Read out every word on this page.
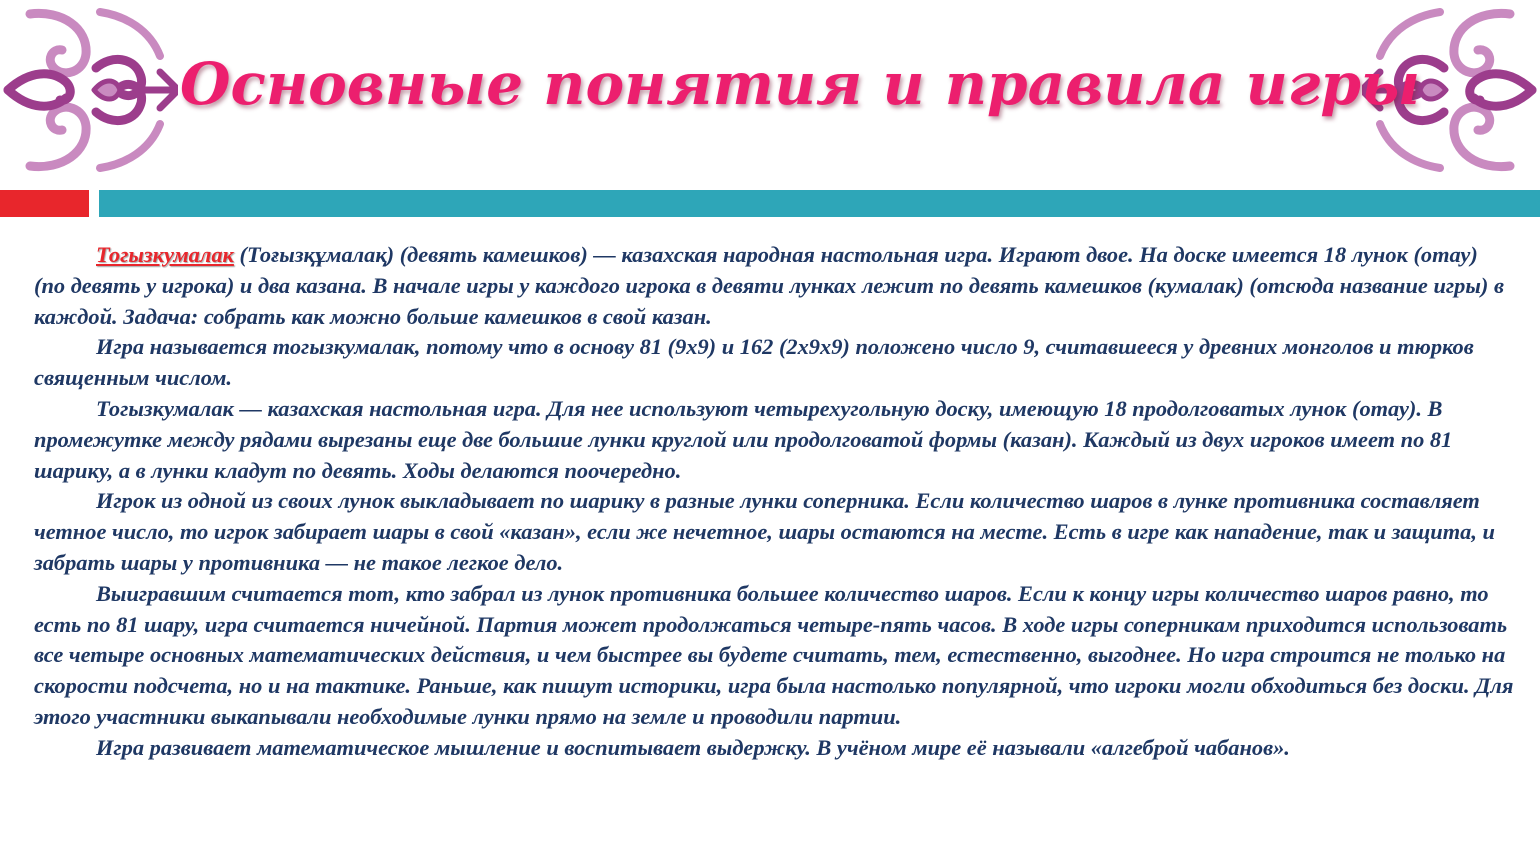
Основные понятия и правила игры

Тогызкумалак (Тоғызқұмалақ) (девять камешков) — казахская народная настольная игра. Играют двое. На доске имеется 18 лунок (отау) (по девять у игрока) и два казана. В начале игры у каждого игрока в девяти лунках лежит по девять камешков (кумалак) (отсюда название игры) в каждой. Задача: собрать как можно больше камешков в свой казан.

Игра называется тогызкумалак, потому что в основу 81 (9х9) и 162 (2х9х9) положено число 9, считавшееся у древних монголов и тюрков священным числом.

Тогызкумалак — казахская настольная игра. Для нее используют четырехугольную доску, имеющую 18 продолговатых лунок (отау). В промежутке между рядами вырезаны еще две большие лунки круглой или продолговатой формы (казан). Каждый из двух игроков имеет по 81 шарику, а в лунки кладут по девять. Ходы делаются поочередно.

Игрок из одной из своих лунок выкладывает по шарику в разные лунки соперника. Если количество шаров в лунке противника составляет четное число, то игрок забирает шары в свой «казан», если же нечетное, шары остаются на месте. Есть в игре как нападение, так и защита, и забрать шары у противника — не такое легкое дело.

Выигравшим считается тот, кто забрал из лунок противника большее количество шаров. Если к концу игры количество шаров равно, то есть по 81 шару, игра считается ничейной. Партия может продолжаться четыре-пять часов. В ходе игры соперникам приходится использовать все четыре основных математических действия, и чем быстрее вы будете считать, тем, естественно, выгоднее. Но игра строится не только на скорости подсчета, но и на тактике. Раньше, как пишут историки, игра была настолько популярной, что игроки могли обходиться без доски. Для этого участники выкапывали необходимые лунки прямо на земле и проводили партии.

Игра развивает математическое мышление и воспитывает выдержку. В учёном мире её называли «алгеброй чабанов».
